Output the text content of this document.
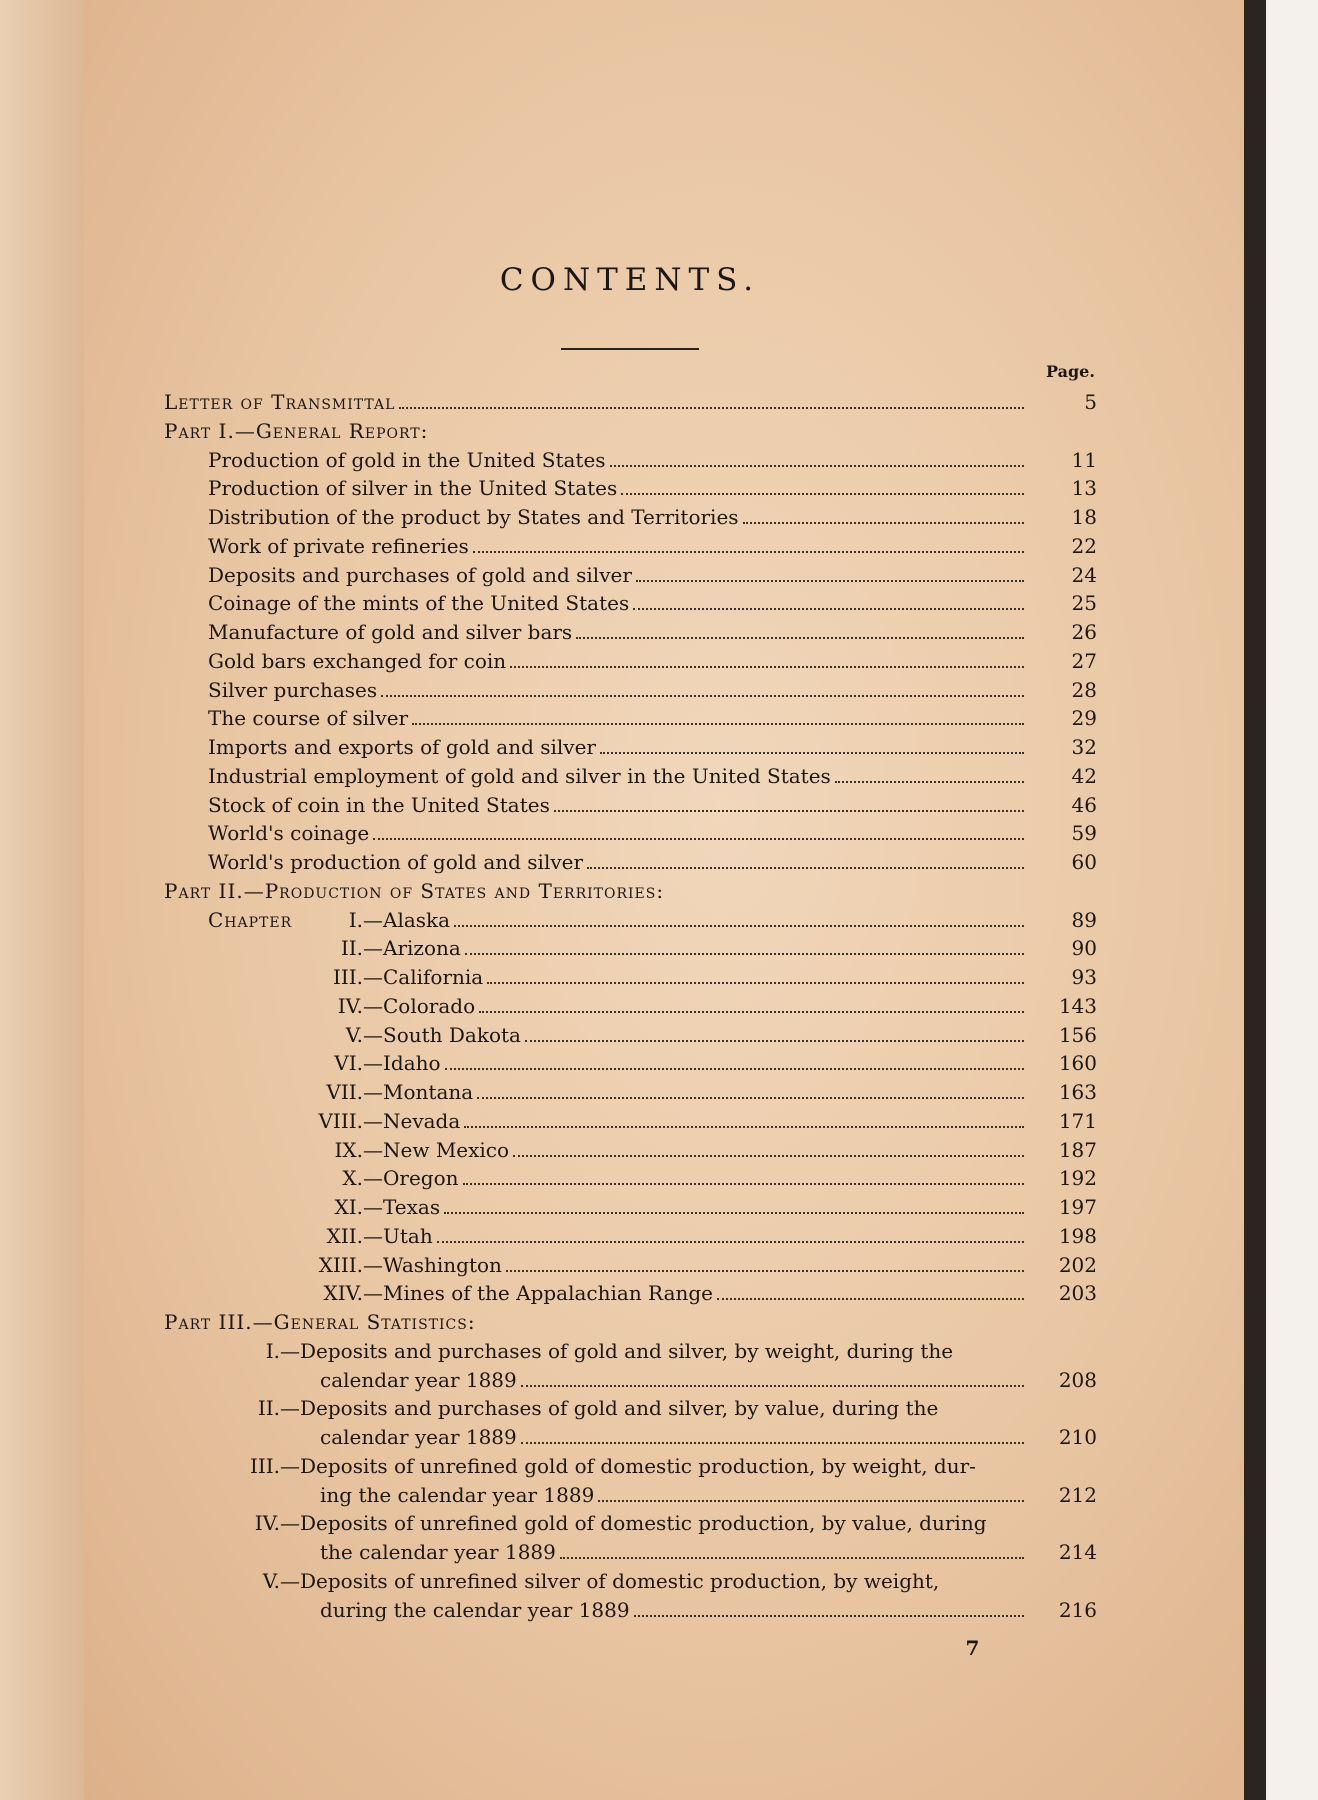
CONTENTS.
Page.
Letter of Transmittal	5
Part I.—General Report:
Production of gold in the United States	11
Production of silver in the United States	13
Distribution of the product by States and Territories	18
Work of private refineries	22
Deposits and purchases of gold and silver	24
Coinage of the mints of the United States	25
Manufacture of gold and silver bars	26
Gold bars exchanged for coin	27
Silver purchases	28
The course of silver	29
Imports and exports of gold and silver	32
Industrial employment of gold and silver in the United States	42
Stock of coin in the United States	46
World's coinage	59
World's production of gold and silver	60
Part II.—Production of States and Territories:
Chapter	I.—Alaska	89
II.—Arizona	90
III.—California	93
IV.—Colorado	143
V.—South Dakota	156
VI.—Idaho	160
VII.—Montana	163
VIII.—Nevada	171
IX.—New Mexico	187
X.—Oregon	192
XI.—Texas	197
XII.—Utah	198
XIII.—Washington	202
XIV.—Mines of the Appalachian Range	203
Part III.—General Statistics:
I.—Deposits and purchases of gold and silver, by weight, during the
calendar year 1889	208
II.—Deposits and purchases of gold and silver, by value, during the
calendar year 1889	210
III.—Deposits of unrefined gold of domestic production, by weight, dur-
ing the calendar year 1889	212
IV.—Deposits of unrefined gold of domestic production, by value, during
the calendar year 1889	214
V.—Deposits of unrefined silver of domestic production, by weight,
during the calendar year 1889	216
7
